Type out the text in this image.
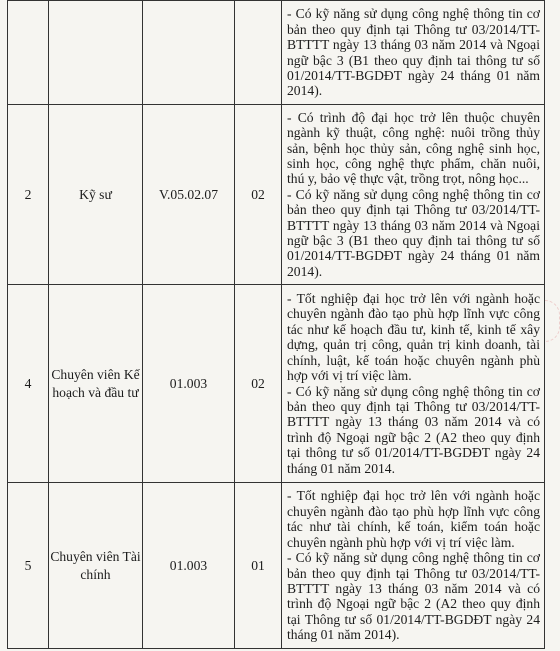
				- Có kỹ năng sử dụng công nghệ thông tin cơ bản theo quy định tại Thông tư 03/2014/TT-BTTTT ngày 13 tháng 03 năm 2014 và Ngoại ngữ bậc 3 (B1 theo quy định tai thông tư số 01/2014/TT-BGDĐT ngày 24 tháng 01 năm 2014).

2	Kỹ sư	V.05.02.07	02	- Có trình độ đại học trở lên thuộc chuyên ngành kỹ thuật, công nghệ: nuôi trồng thủy sản, bệnh học thủy sản, công nghệ sinh học, sinh học, công nghệ thực phẩm, chăn nuôi, thú y, bảo vệ thực vật, trồng trọt, nông học...
- Có kỹ năng sử dụng công nghệ thông tin cơ bản theo quy định tại Thông tư 03/2014/TT-BTTTT ngày 13 tháng 03 năm 2014 và Ngoại ngữ bậc 3 (B1 theo quy định tai thông tư số 01/2014/TT-BGDĐT ngày 24 tháng 01 năm 2014).

4	Chuyên viên Kế hoạch và đầu tư	01.003	02	- Tốt nghiệp đại học trở lên với ngành hoặc chuyên ngành đào tạo phù hợp lĩnh vực công tác như kế hoạch đầu tư, kinh tế, kinh tế xây dựng, quản trị công, quản trị kinh doanh, tài chính, luật, kế toán hoặc chuyên ngành phù hợp với vị trí việc làm.
- Có kỹ năng sử dụng công nghệ thông tin cơ bản theo quy định tại Thông tư 03/2014/TT-BTTTT ngày 13 tháng 03 năm 2014 và có trình độ Ngoại ngữ bậc 2 (A2 theo quy định tại thông tư số 01/2014/TT-BGDĐT ngày 24 tháng 01 năm 2014.

5	Chuyên viên Tài chính	01.003	01	- Tốt nghiệp đại học trở lên với ngành hoặc chuyên ngành đào tạo phù hợp lĩnh vực công tác như tài chính, kế toán, kiểm toán hoặc chuyên ngành phù hợp với vị trí việc làm.
- Có kỹ năng sử dụng công nghệ thông tin cơ bản theo quy định tại Thông tư 03/2014/TT-BTTTT ngày 13 tháng 03 năm 2014 và có trình độ Ngoại ngữ bậc 2 (A2 theo quy định tại Thông tư số 01/2014/TT-BGDĐT ngày 24 tháng 01 năm 2014).
